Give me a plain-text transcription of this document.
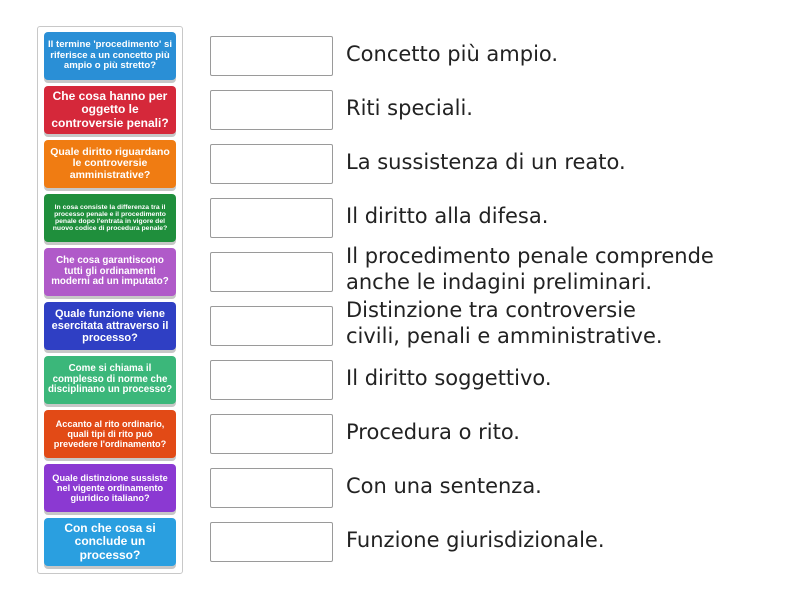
Il termine 'procedimento' si riferisce a un concetto più ampio o più stretto?
Che cosa hanno per oggetto le controversie penali?
Quale diritto riguardano le controversie amministrative?
In cosa consiste la differenza tra il processo penale e il procedimento penale dopo l'entrata in vigore del nuovo codice di procedura penale?
Che cosa garantiscono tutti gli ordinamenti moderni ad un imputato?
Quale funzione viene esercitata attraverso il processo?
Come si chiama il complesso di norme che disciplinano un processo?
Accanto al rito ordinario, quali tipi di rito può prevedere l'ordinamento?
Quale distinzione sussiste nel vigente ordinamento giuridico italiano?
Con che cosa si conclude un processo?
Concetto più ampio.
Riti speciali.
La sussistenza di un reato.
Il diritto alla difesa.
Il procedimento penale comprende
anche le indagini preliminari.
Distinzione tra controversie
civili, penali e amministrative.
Il diritto soggettivo.
Procedura o rito.
Con una sentenza.
Funzione giurisdizionale.
